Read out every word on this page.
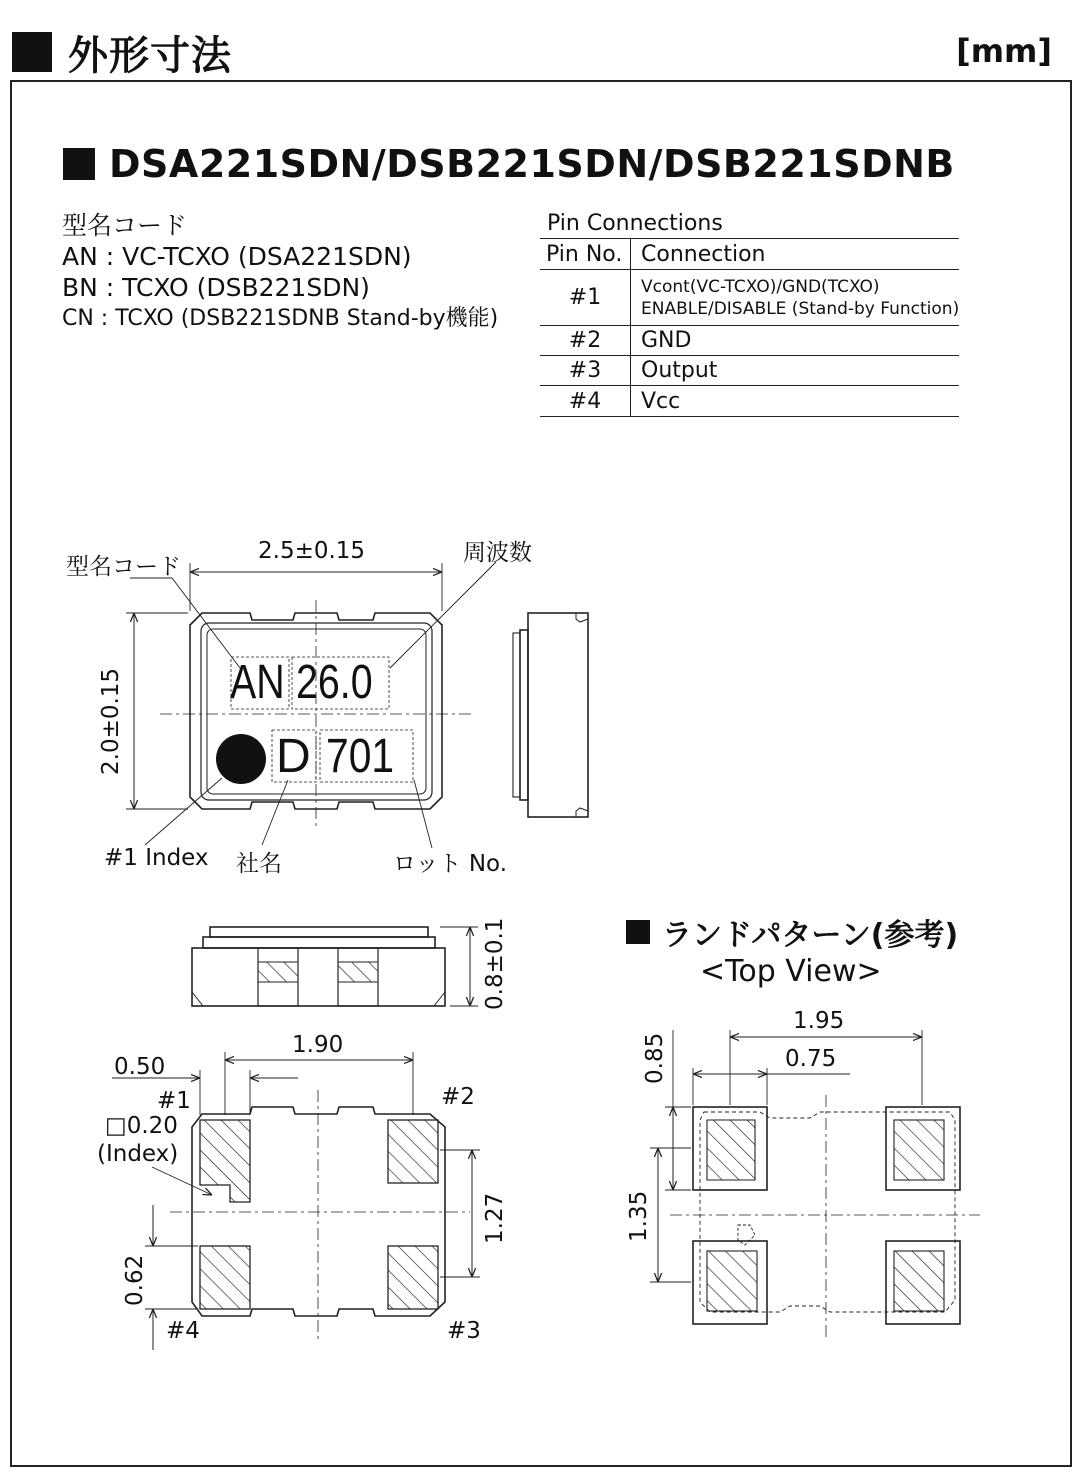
外形寸法	[mm]
DSA221SDN/DSB221SDN/DSB221SDNB
型名コード
AN : VC-TCXO (DSA221SDN)
BN : TCXO (DSB221SDN)
CN : TCXO (DSB221SDNB Stand-by機能)
Pin Connections
Pin No.	Connection
#1	Vcont(VC-TCXO)/GND(TCXO)
ENABLE/DISABLE (Stand-by Function)

#2	GND
#3	Output
#4	Vcc
2.5±0.15
2.0±0.15
型名コード
周波数
#1 Index 社名	ロット No.
AN 26.0
D 701
0.8±0.1
1.90
0.50
#1	#2
#3
#4
□0.20
(Index)
1.27
0.62
ランドパターン(参考)
<Top View>
1.95
0.75
0.85
1.35
